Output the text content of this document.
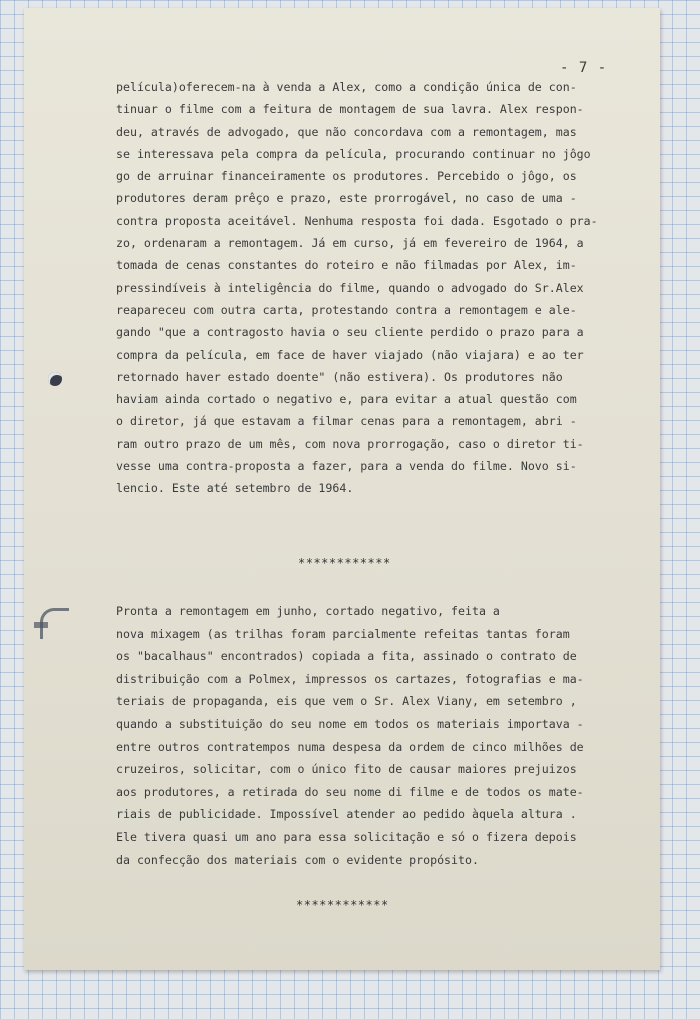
- 7 -
película)oferecem-na à venda a Alex, como a condição única de con-
tinuar o filme com a feitura de montagem de sua lavra. Alex respon-
deu, através de advogado, que não concordava com a remontagem, mas
se interessava pela compra da película, procurando continuar no jôgo
go de arruinar financeiramente os produtores. Percebido o jôgo, os
produtores deram prêço e prazo, este prorrogável, no caso de uma -
contra proposta aceitável. Nenhuma resposta foi dada. Esgotado o pra-
zo, ordenaram a remontagem. Já em curso, já em fevereiro de 1964, a
tomada de cenas constantes do roteiro e não filmadas por Alex, im-
pressindíveis à inteligência do filme, quando o advogado do Sr.Alex
reapareceu com outra carta, protestando contra a remontagem e ale-
gando "que a contragosto havia o seu cliente perdido o prazo para a
compra da película, em face de haver viajado (não viajara) e ao ter
retornado haver estado doente" (não estivera). Os produtores não
haviam ainda cortado o negativo e, para evitar a atual questão com
o diretor, já que estavam a filmar cenas para a remontagem, abri -
ram outro prazo de um mês, com nova prorrogação, caso o diretor ti-
vesse uma contra-proposta a fazer, para a venda do filme. Novo si-
lencio. Este até setembro de 1964.
************
Pronta a remontagem em junho, cortado negativo, feita a
nova mixagem (as trilhas foram parcialmente refeitas tantas foram
os "bacalhaus" encontrados) copiada a fita, assinado o contrato de
distribuição com a Polmex, impressos os cartazes, fotografias e ma-
teriais de propaganda, eis que vem o Sr. Alex Viany, em setembro ,
quando a substituição do seu nome em todos os materiais importava -
entre outros contratempos numa despesa da ordem de cinco milhões de
cruzeiros, solicitar, com o único fito de causar maiores prejuizos
aos produtores, a retirada do seu nome di filme e de todos os mate-
riais de publicidade. Impossível atender ao pedido àquela altura .
Ele tivera quasi um ano para essa solicitação e só o fizera depois
da confecção dos materiais com o evidente propósito.
************
